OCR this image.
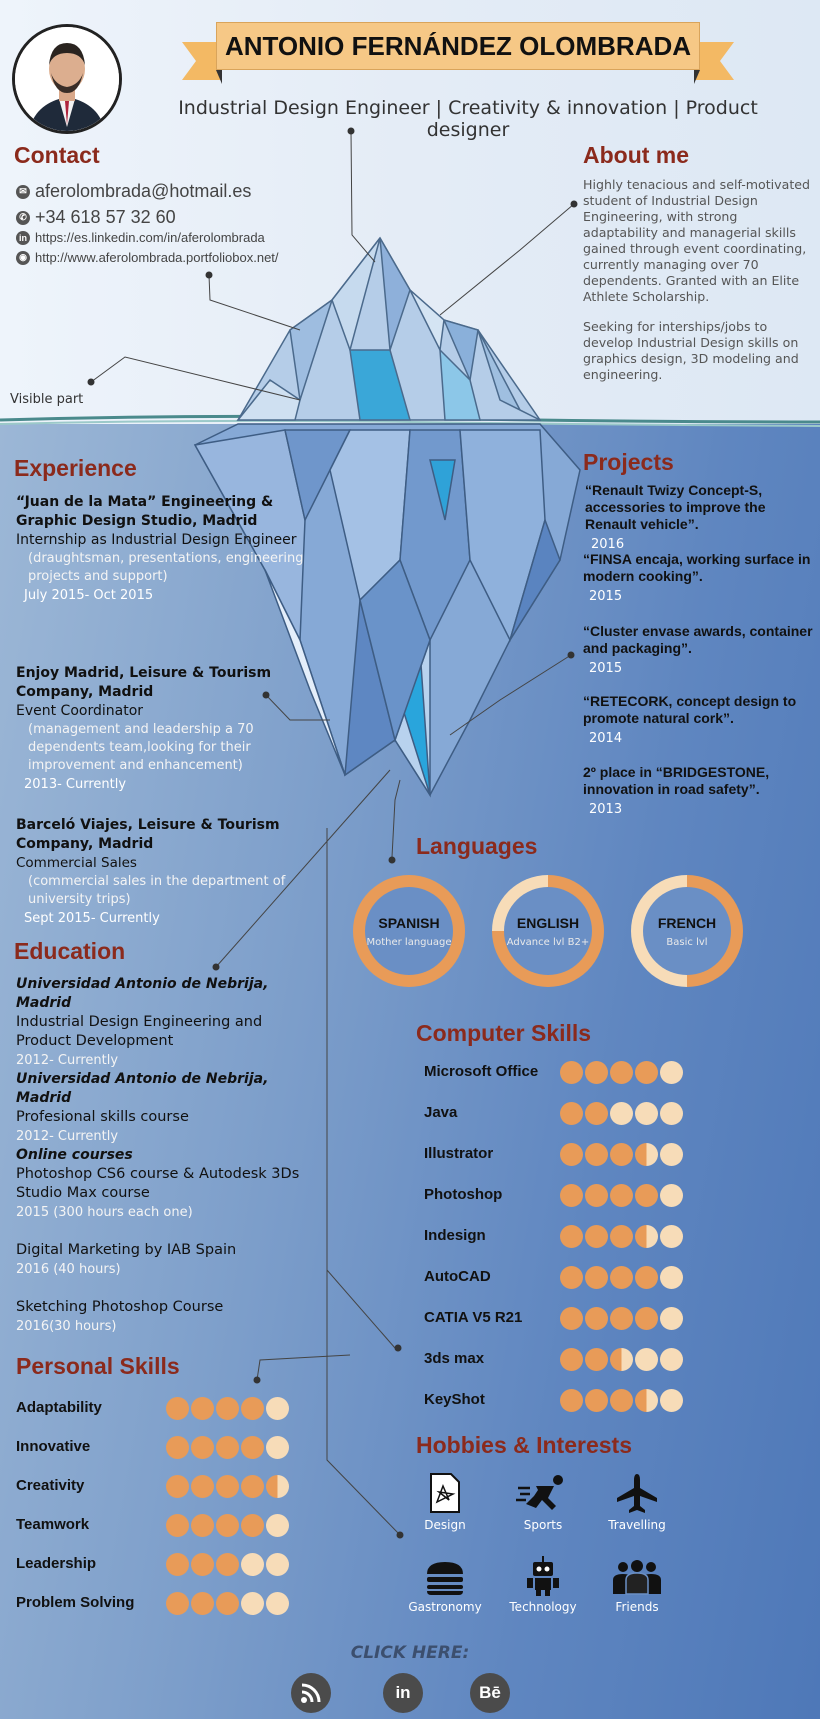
ANTONIO FERNÁNDEZ OLOMBRADA
Industrial Design Engineer | Creativity & innovation | Product designer
Contact
✉ aferolombrada@hotmail.es
✆ +34 618 57 32 60
in https://es.linkedin.com/in/aferolombrada
◉ http://www.aferolombrada.portfoliobox.net/
About me
Highly tenacious and self-motivated student of Industrial Design Engineering, with strong adaptability and managerial skills gained through event coordinating, currently managing over 70 dependents. Granted with an Elite Athlete Scholarship.
Seeking for interships/jobs to develop Industrial Design skills on graphics design, 3D modeling and engineering.
Visible part
Experience
“Juan de la Mata” Engineering & Graphic Design Studio, Madrid
Internship as Industrial Design Engineer
(draughtsman, presentations, engineering projects and support)
July 2015- Oct 2015
Enjoy Madrid, Leisure & Tourism Company, Madrid
Event Coordinator
(management and leadership a 70 dependents team,looking for their improvement and enhancement)
2013- Currently
Barceló Viajes, Leisure & Tourism Company, Madrid
Commercial Sales
(commercial sales in the department of university trips)
Sept 2015- Currently
Education
Universidad Antonio de Nebrija, Madrid
Industrial Design Engineering and Product Development
2012- Currently
Universidad Antonio de Nebrija, Madrid
Profesional skills course
2012- Currently
Online courses
Photoshop CS6 course & Autodesk 3Ds Studio Max course
2015 (300 hours each one)
Digital Marketing by IAB Spain
2016 (40 hours)
Sketching Photoshop Course
2016(30 hours)
Personal Skills
Adaptability
Innovative
Creativity
Teamwork
Leadership
Problem Solving
Projects
“Renault Twizy Concept-S, accessories to improve the Renault vehicle”.
2016
“FINSA encaja, working surface in modern cooking”.
2015
“Cluster envase awards, container and packaging”.
2015
“RETECORK, concept design to promote natural cork”.
2014
2º place in “BRIDGESTONE, innovation in road safety”.
2013
Languages
SPANISH
Mother language
ENGLISH
Advance lvl B2+
FRENCH
Basic lvl
Computer Skills
Microsoft Office
Java
Illustrator
Photoshop
Indesign
AutoCAD
CATIA V5 R21
3ds max
KeyShot
Hobbies & Interests
Design	Sports	Travelling
Gastronomy	Technology	Friends
CLICK HERE:
in	Bē
